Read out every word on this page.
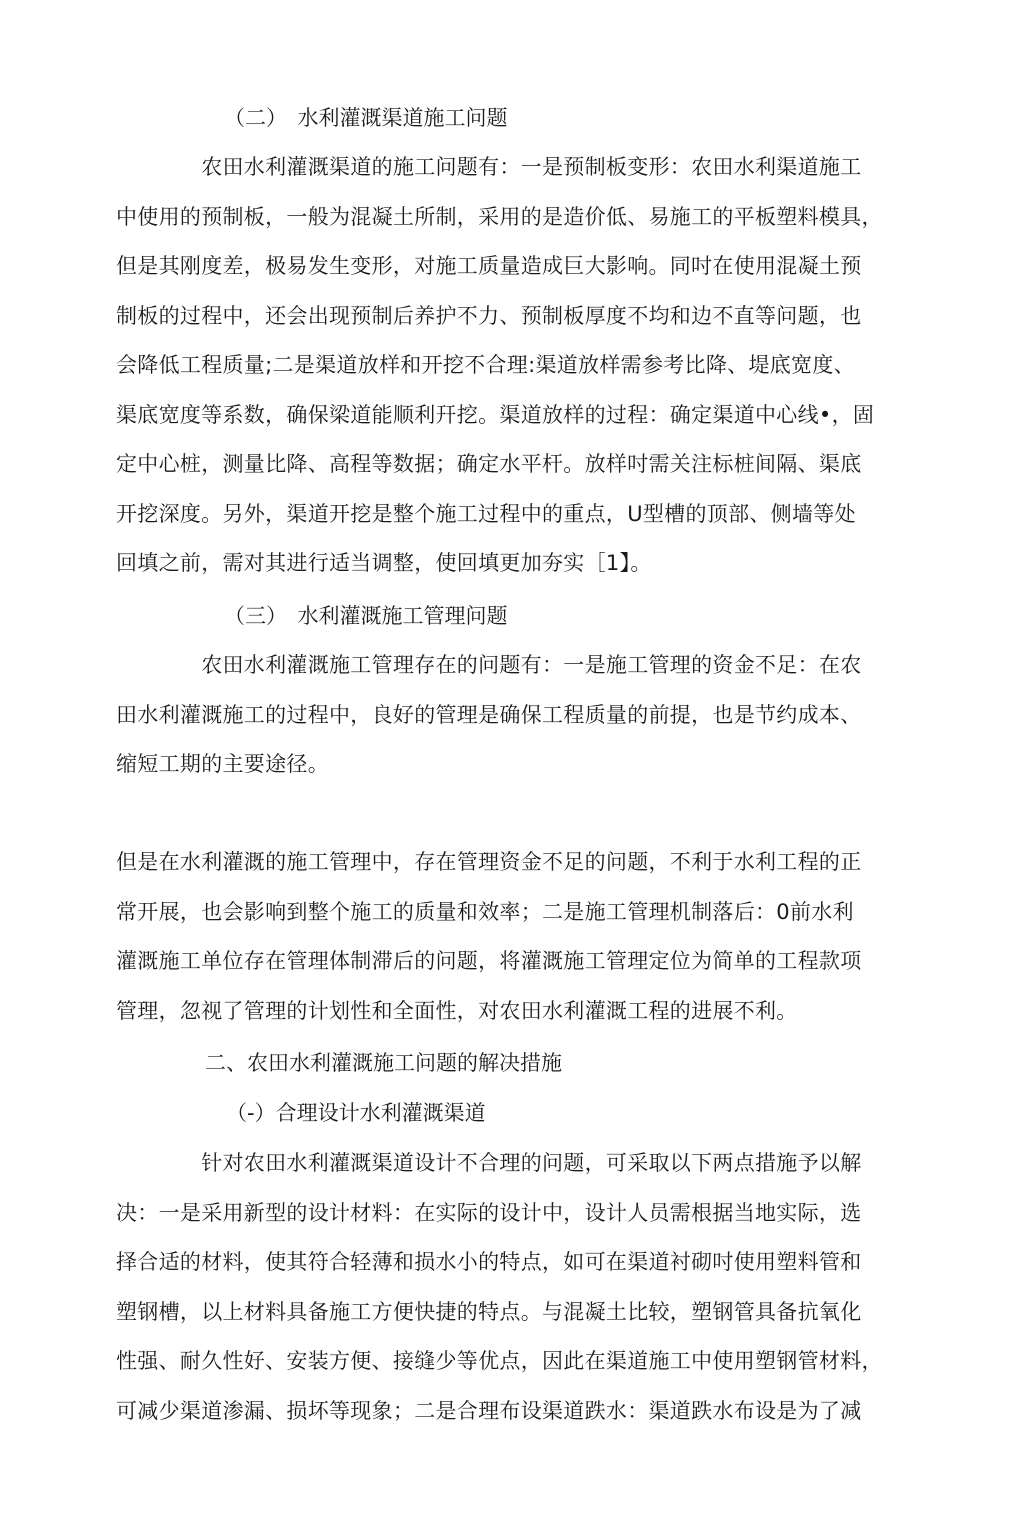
（二）　水利灌溉渠道施工问题
　　　　农田水利灌溉渠道的施工问题有：一是预制板变形：农田水利渠道施工
中使用的预制板，一般为混凝土所制，采用的是造价低、易施工的平板塑料模具，
但是其刚度差，极易发生变形，对施工质量造成巨大影响。同吋在使用混凝土预
制板的过程中，还会出现预制后养护不力、预制板厚度不均和边不直等问题，也
会降低工程质量;二是渠道放样和开挖不合理:渠道放样需参考比降、堤底宽度、
渠底宽度等系数，确保梁道能顺利幵挖。渠道放样的过程：确定渠道中心线•，固
定中心桩，测量比降、高程等数据；确定水平杆。放样吋需关注标桩间隔、渠底
开挖深度。另外，渠道开挖是整个施工过程中的重点，U型槽的顶部、侧墙等处
回填之前，需对其进行适当调整，使回填更加夯实［1】。
（三）　水利灌溉施工管理问题
　　　　农田水利灌溉施工管理存在的问题有：一是施工管理的资金不足：在农
田水利灌溉施工的过程中，良好的管理是确保工程质量的前提，也是节约成本、
缩短工期的主要途径。
但是在水利灌溉的施工管理中，存在管理资金不足的问题，不利于水利工程的正
常开展，也会影响到整个施工的质量和效率；二是施工管理机制落后：0前水利
灌溉施工单位存在管理体制滞后的问题，将灌溉施工管理定位为简单的工程款项
管理，忽视了管理的计划性和全面性，对农田水利灌溉工程的进展不利。
二、农田水利灌溉施工问题的解决措施
（-）合理设计水利灌溉渠道
　　　　针对农田水利灌溉渠道设计不合理的问题，可采取以下两点措施予以解
决：一是采用新型的设计材料：在实际的设计中，设计人员需根据当地实际，选
择合适的材料，使其符合轻薄和损水小的特点，如可在渠道衬砌吋使用塑料管和
塑钢槽，以上材料具备施工方便快捷的特点。与混凝土比较，塑钢管具备抗氧化
性强、耐久性好、安装方便、接缝少等优点，因此在渠道施工中使用塑钢管材料，
可减少渠道渗漏、损坏等现象；二是合理布设渠道跌水：渠道跌水布设是为了减
